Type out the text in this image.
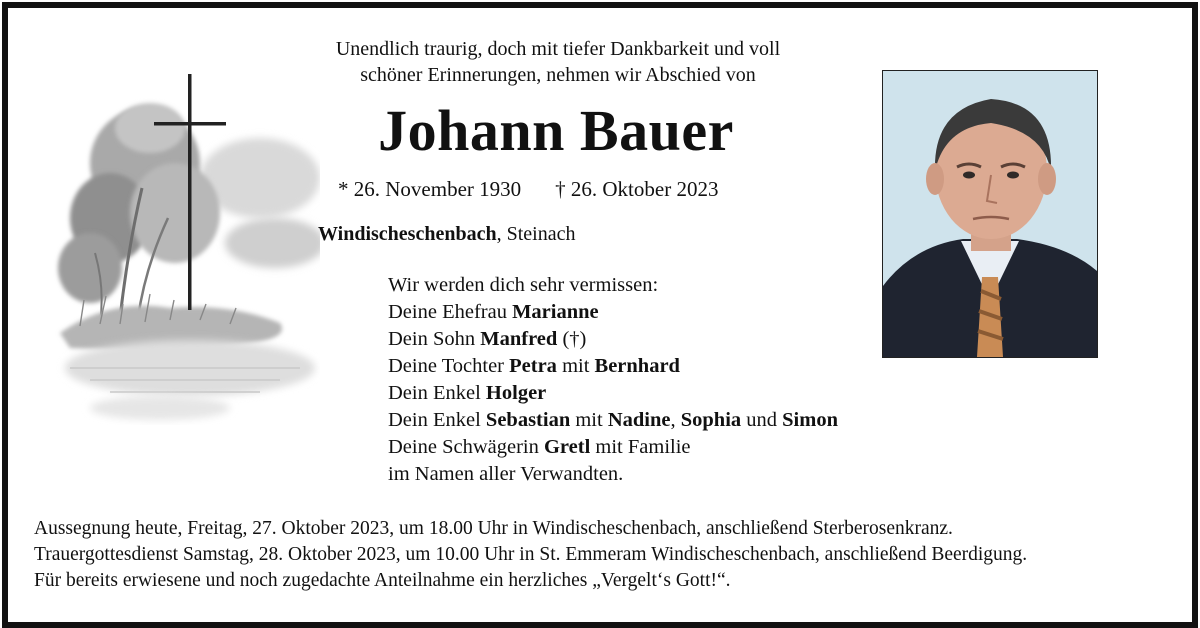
Unendlich traurig, doch mit tiefer Dankbarkeit und voll
schöner Erinnerungen, nehmen wir Abschied von
Johann Bauer
* 26. November 1930 † 26. Oktober 2023
Windischeschenbach, Steinach
Wir werden dich sehr vermissen:
Deine Ehefrau Marianne
Dein Sohn Manfred (†)
Deine Tochter Petra mit Bernhard
Dein Enkel Holger
Dein Enkel Sebastian mit Nadine, Sophia und Simon
Deine Schwägerin Gretl mit Familie
im Namen aller Verwandten.
Aussegnung heute, Freitag, 27. Oktober 2023, um 18.00 Uhr in Windischeschenbach, anschließend Sterberosenkranz.
Trauergottesdienst Samstag, 28. Oktober 2023, um 10.00 Uhr in St. Emmeram Windischeschenbach, anschließend Beerdigung.
Für bereits erwiesene und noch zugedachte Anteilnahme ein herzliches „Vergelt‘s Gott!“.
